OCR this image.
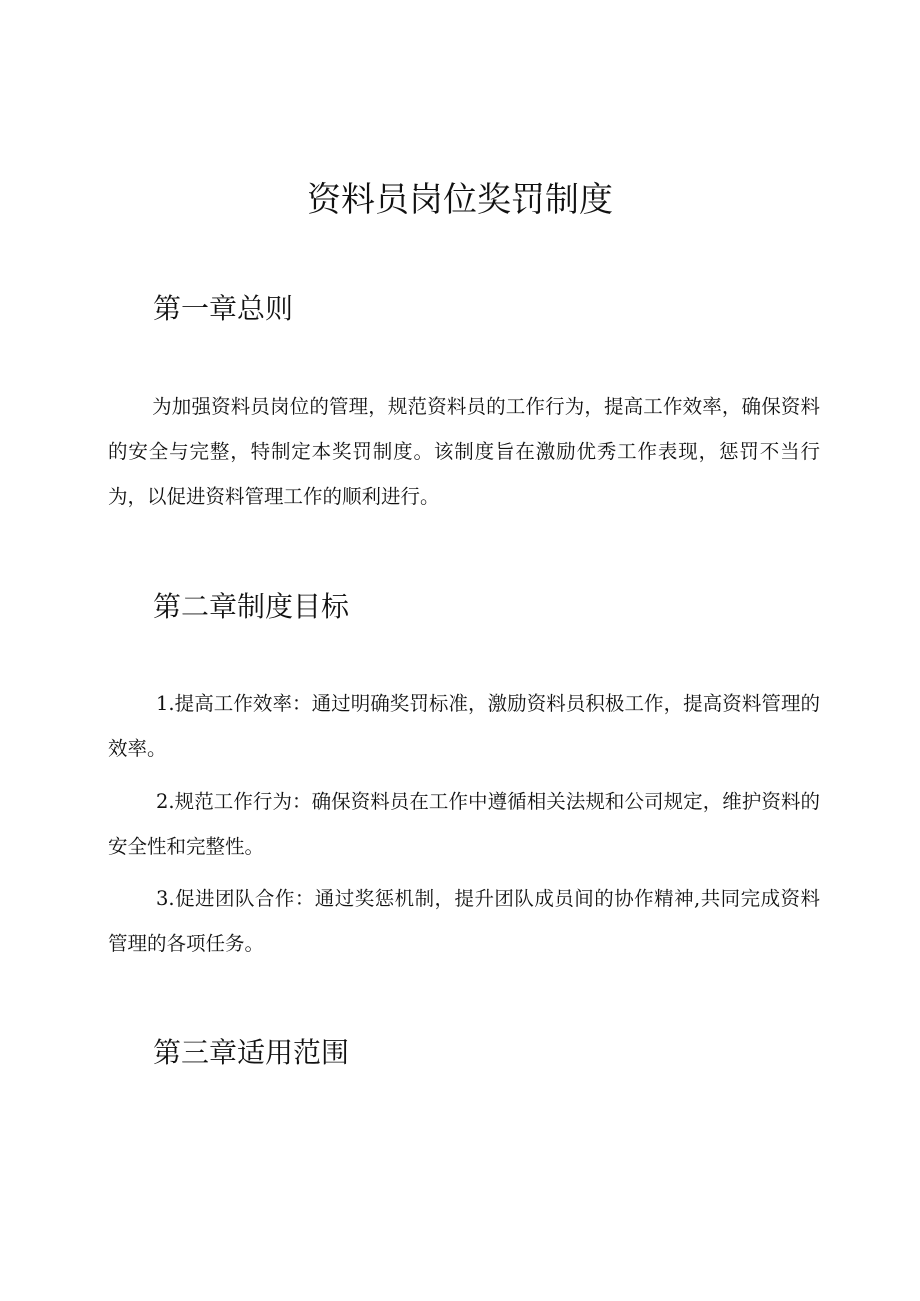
资料员岗位奖罚制度
第一章总则

为加强资料员岗位的管理，规范资料员的工作行为，提高工作效率，确保资料的安全与完整，特制定本奖罚制度。该制度旨在激励优秀工作表现，惩罚不当行为，以促进资料管理工作的顺利进行。

第二章制度目标

1.提高工作效率：通过明确奖罚标准，激励资料员积极工作，提高资料管理的效率。

2.规范工作行为：确保资料员在工作中遵循相关法规和公司规定，维护资料的安全性和完整性。

3.促进团队合作：通过奖惩机制，提升团队成员间的协作精神,共同完成资料管理的各项任务。

第三章适用范围
